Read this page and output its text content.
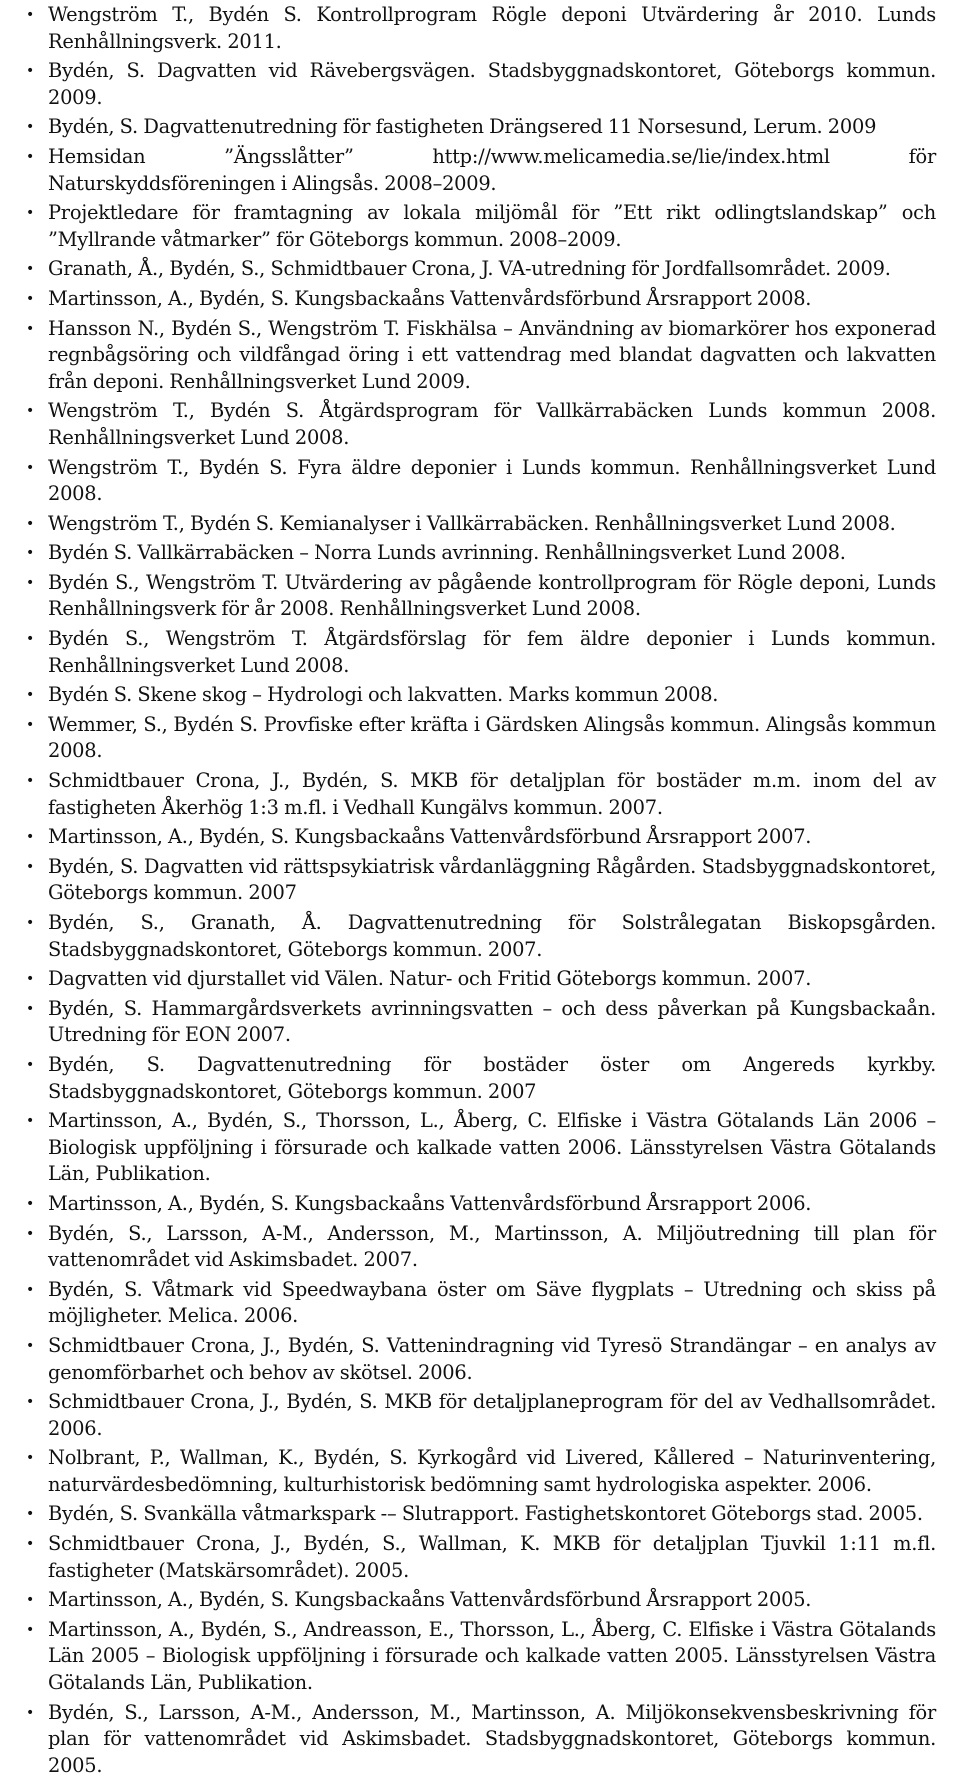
• Wengström T., Bydén S. Kontrollprogram Rögle deponi Utvärdering år 2010. Lunds Renhållningsverk. 2011.
• Bydén, S. Dagvatten vid Rävebergsvägen. Stadsbyggnadskontoret, Göteborgs kommun. 2009.
• Bydén, S. Dagvattenutredning för fastigheten Drängsered 11 Norsesund, Lerum. 2009
• Hemsidan ”Ängsslåtter” http://www.melicamedia.se/lie/index.html för Naturskyddsföreningen i Alingsås. 2008–2009.
• Projektledare för framtagning av lokala miljömål för ”Ett rikt odlingtslandskap” och ”Myllrande våtmarker” för Göteborgs kommun. 2008–2009.
• Granath, Å., Bydén, S., Schmidtbauer Crona, J. VA-utredning för Jordfallsområdet. 2009.
• Martinsson, A., Bydén, S. Kungsbackaåns Vattenvårdsförbund Årsrapport 2008.
• Hansson N., Bydén S., Wengström T. Fiskhälsa – Användning av biomarkörer hos exponerad regnbågsöring och vildfångad öring i ett vattendrag med blandat dagvatten och lakvatten från deponi. Renhållningsverket Lund 2009.
• Wengström T., Bydén S. Åtgärdsprogram för Vallkärrabäcken Lunds kommun 2008. Renhållningsverket Lund 2008.
• Wengström T., Bydén S. Fyra äldre deponier i Lunds kommun. Renhållningsverket Lund 2008.
• Wengström T., Bydén S. Kemianalyser i Vallkärrabäcken. Renhållningsverket Lund 2008.
• Bydén S. Vallkärrabäcken – Norra Lunds avrinning. Renhållningsverket Lund 2008.
• Bydén S., Wengström T. Utvärdering av pågående kontrollprogram för Rögle deponi, Lunds Renhållningsverk för år 2008. Renhållningsverket Lund 2008.
• Bydén S., Wengström T. Åtgärdsförslag för fem äldre deponier i Lunds kommun. Renhållningsverket Lund 2008.
• Bydén S. Skene skog – Hydrologi och lakvatten. Marks kommun 2008.
• Wemmer, S., Bydén S. Provfiske efter kräfta i Gärdsken Alingsås kommun. Alingsås kommun 2008.
• Schmidtbauer Crona, J., Bydén, S. MKB för detaljplan för bostäder m.m. inom del av fastigheten Åkerhög 1:3 m.fl. i Vedhall Kungälvs kommun. 2007.
• Martinsson, A., Bydén, S. Kungsbackaåns Vattenvårdsförbund Årsrapport 2007.
• Bydén, S. Dagvatten vid rättspsykiatrisk vårdanläggning Rågården. Stadsbyggnadskontoret, Göteborgs kommun. 2007
• Bydén, S., Granath, Å. Dagvattenutredning för Solstrålegatan Biskopsgården. Stadsbyggnadskontoret, Göteborgs kommun. 2007.
• Dagvatten vid djurstallet vid Välen. Natur- och Fritid Göteborgs kommun. 2007.
• Bydén, S. Hammargårdsverkets avrinningsvatten – och dess påverkan på Kungsbackaån. Utredning för EON 2007.
• Bydén, S. Dagvattenutredning för bostäder öster om Angereds kyrkby. Stadsbyggnadskontoret, Göteborgs kommun. 2007
• Martinsson, A., Bydén, S., Thorsson, L., Åberg, C. Elfiske i Västra Götalands Län 2006 – Biologisk uppföljning i försurade och kalkade vatten 2006. Länsstyrelsen Västra Götalands Län, Publikation.
• Martinsson, A., Bydén, S. Kungsbackaåns Vattenvårdsförbund Årsrapport 2006.
• Bydén, S., Larsson, A-M., Andersson, M., Martinsson, A. Miljöutredning till plan för vattenområdet vid Askimsbadet. 2007.
• Bydén, S. Våtmark vid Speedwaybana öster om Säve flygplats – Utredning och skiss på möjligheter. Melica. 2006.
• Schmidtbauer Crona, J., Bydén, S. Vattenindragning vid Tyresö Strandängar – en analys av genomförbarhet och behov av skötsel. 2006.
• Schmidtbauer Crona, J., Bydén, S. MKB för detaljplaneprogram för del av Vedhallsområdet. 2006.
• Nolbrant, P., Wallman, K., Bydén, S. Kyrkogård vid Livered, Kållered – Naturinventering, naturvärdesbedömning, kulturhistorisk bedömning samt hydrologiska aspekter. 2006.
• Bydén, S. Svankälla våtmarkspark -– Slutrapport. Fastighetskontoret Göteborgs stad. 2005.
• Schmidtbauer Crona, J., Bydén, S., Wallman, K. MKB för detaljplan Tjuvkil 1:11 m.fl. fastigheter (Matskärsområdet). 2005.
• Martinsson, A., Bydén, S. Kungsbackaåns Vattenvårdsförbund Årsrapport 2005.
• Martinsson, A., Bydén, S., Andreasson, E., Thorsson, L., Åberg, C. Elfiske i Västra Götalands Län 2005 – Biologisk uppföljning i försurade och kalkade vatten 2005. Länsstyrelsen Västra Götalands Län, Publikation.
• Bydén, S., Larsson, A-M., Andersson, M., Martinsson, A. Miljökonsekvensbeskrivning för plan för vattenområdet vid Askimsbadet. Stadsbyggnadskontoret, Göteborgs kommun. 2005.
